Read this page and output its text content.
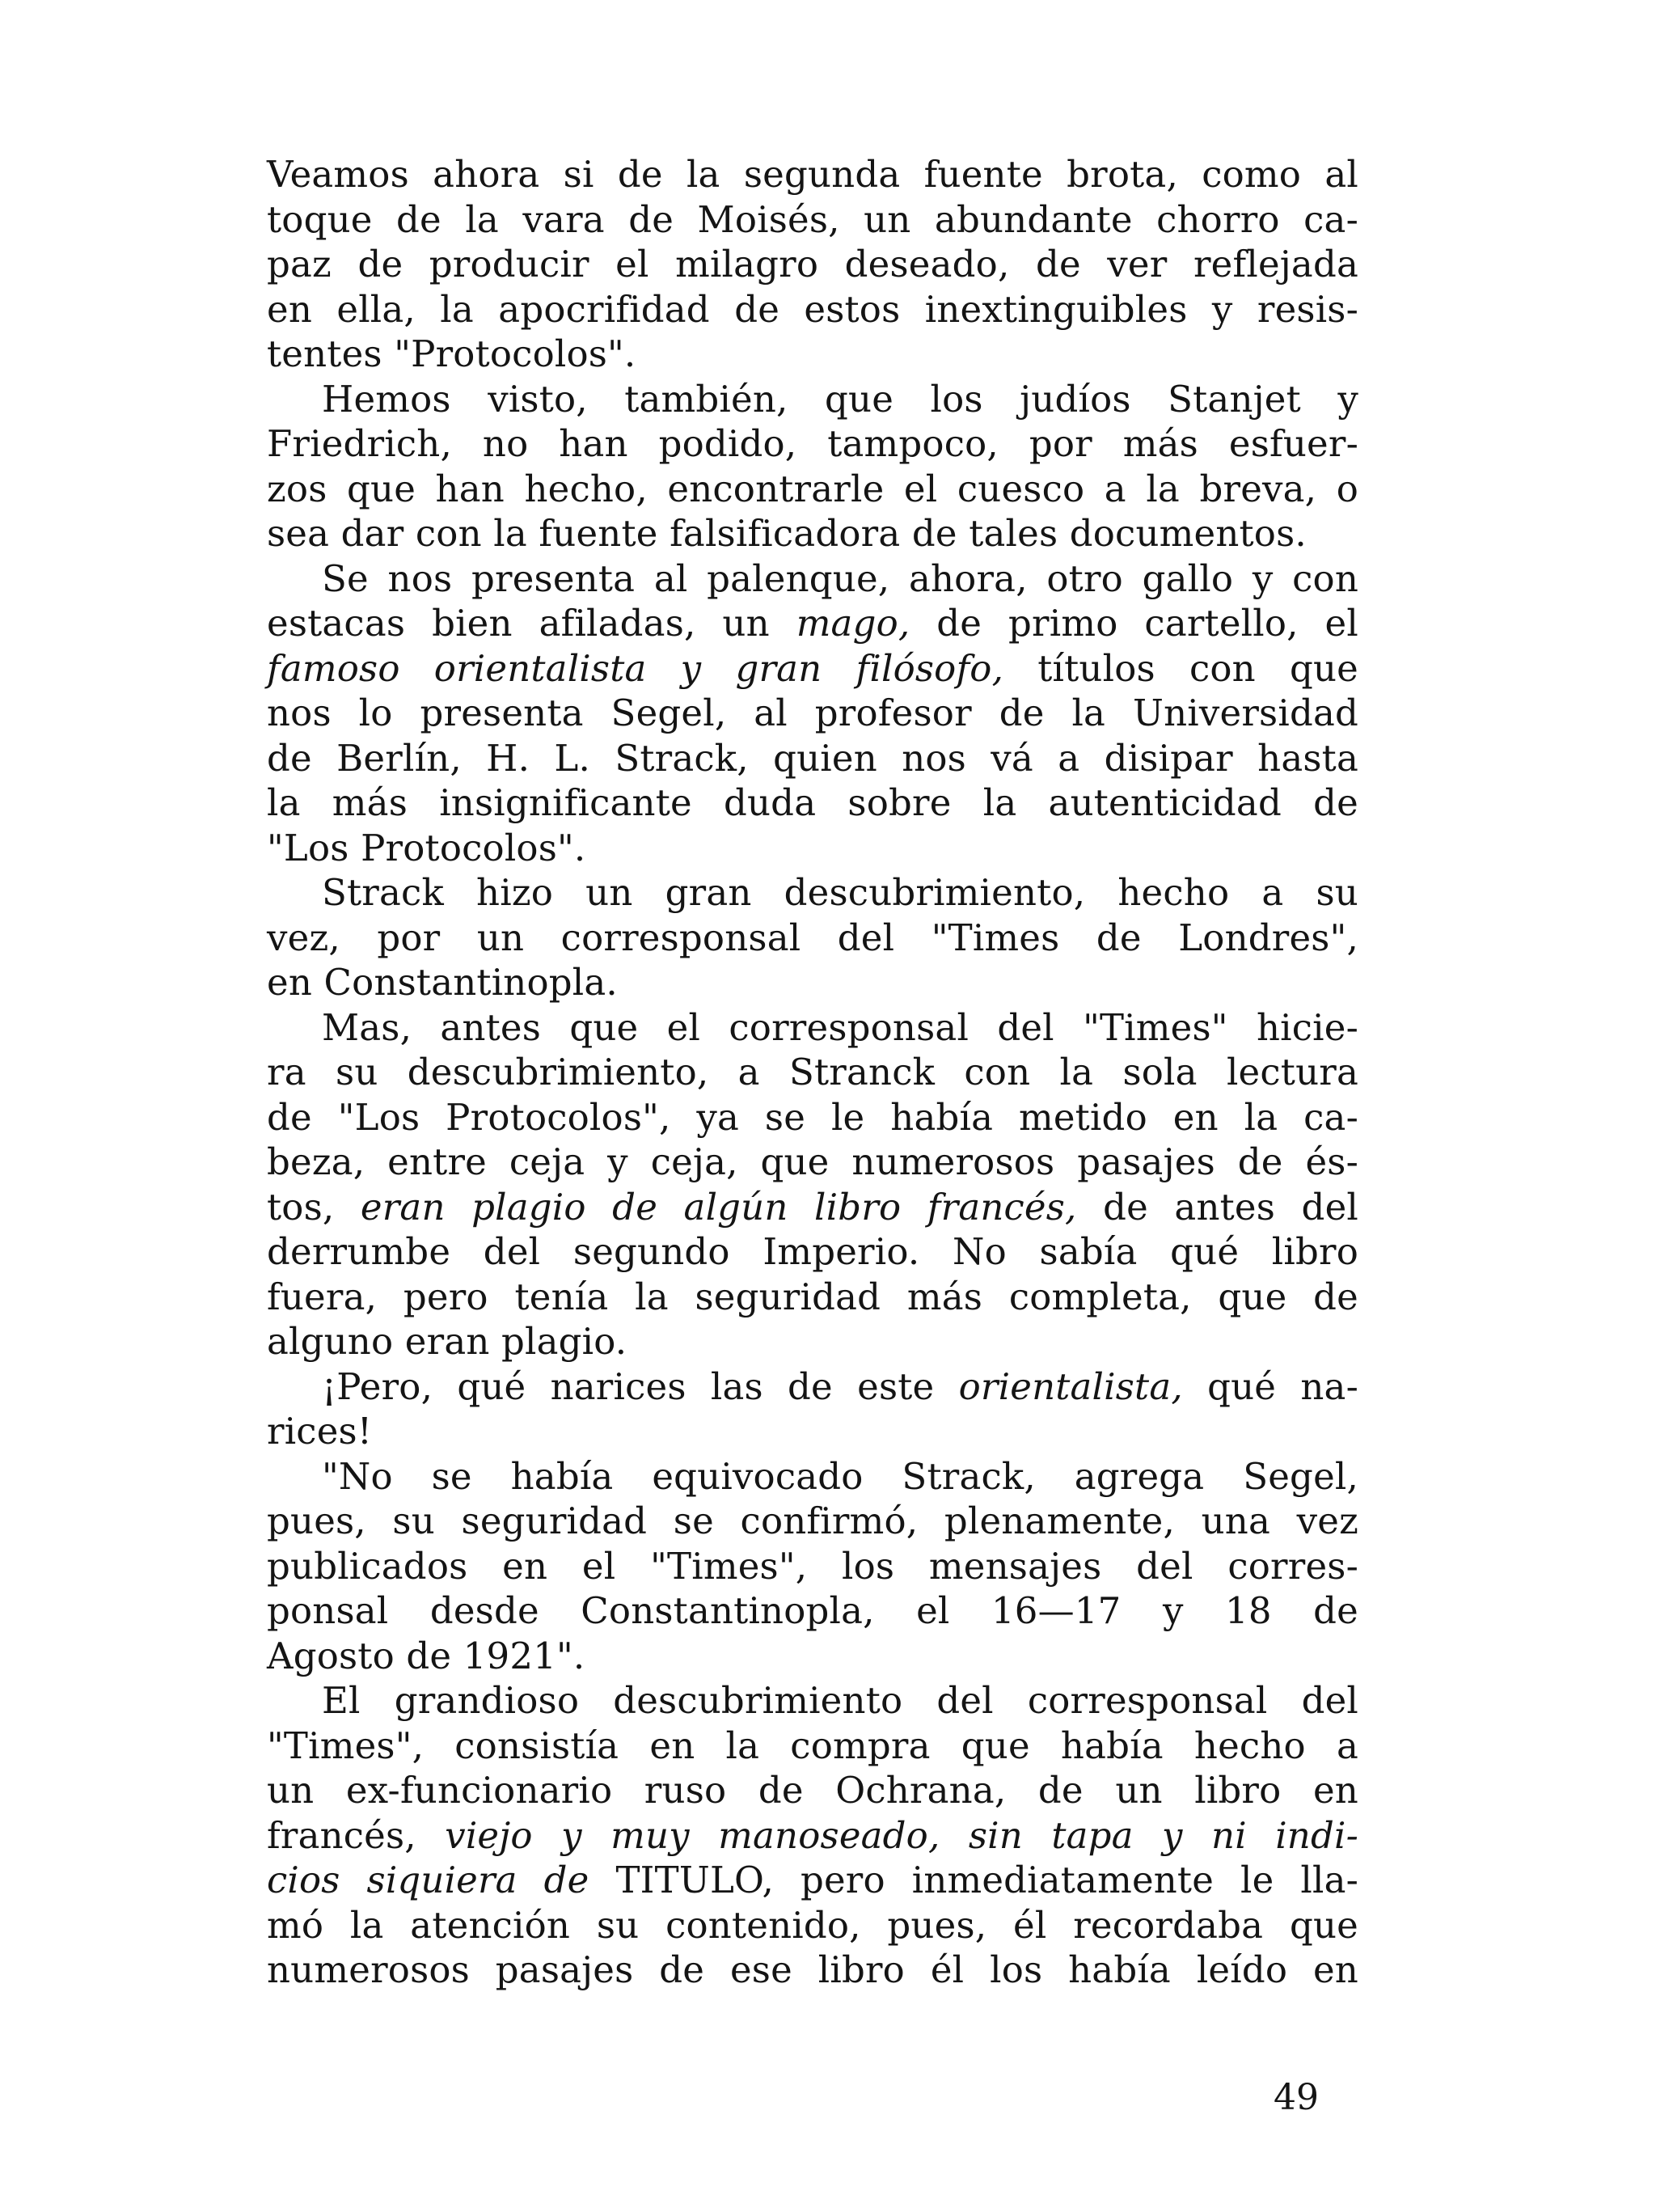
Veamos ahora si de la segunda fuente brota, como al
toque de la vara de Moisés, un abundante chorro ca-
paz de producir el milagro deseado, de ver reflejada
en ella, la apocrifidad de estos inextinguibles y resis-
tentes "Protocolos".
Hemos visto, también, que los judíos Stanjet y
Friedrich, no han podido, tampoco, por más esfuer-
zos que han hecho, encontrarle el cuesco a la breva, o
sea dar con la fuente falsificadora de tales documentos.
Se nos presenta al palenque, ahora, otro gallo y con
estacas bien afiladas, un mago, de primo cartello, el
famoso orientalista y gran filósofo, títulos con que
nos lo presenta Segel, al profesor de la Universidad
de Berlín, H. L. Strack, quien nos vá a disipar hasta
la más insignificante duda sobre la autenticidad de
"Los Protocolos".
Strack hizo un gran descubrimiento, hecho a su
vez, por un corresponsal del "Times de Londres",
en Constantinopla.
Mas, antes que el corresponsal del "Times" hicie-
ra su descubrimiento, a Stranck con la sola lectura
de "Los Protocolos", ya se le había metido en la ca-
beza, entre ceja y ceja, que numerosos pasajes de és-
tos, eran plagio de algún libro francés, de antes del
derrumbe del segundo Imperio. No sabía qué libro
fuera, pero tenía la seguridad más completa, que de
alguno eran plagio.
¡Pero, qué narices las de este orientalista, qué na-
rices!
"No se había equivocado Strack, agrega Segel,
pues, su seguridad se confirmó, plenamente, una vez
publicados en el "Times", los mensajes del corres-
ponsal desde Constantinopla, el 16—17 y 18 de
Agosto de 1921".
El grandioso descubrimiento del corresponsal del
"Times", consistía en la compra que había hecho a
un ex-funcionario ruso de Ochrana, de un libro en
francés, viejo y muy manoseado, sin tapa y ni indi-
cios siquiera de TITULO, pero inmediatamente le lla-
mó la atención su contenido, pues, él recordaba que
numerosos pasajes de ese libro él los había leído en
49
